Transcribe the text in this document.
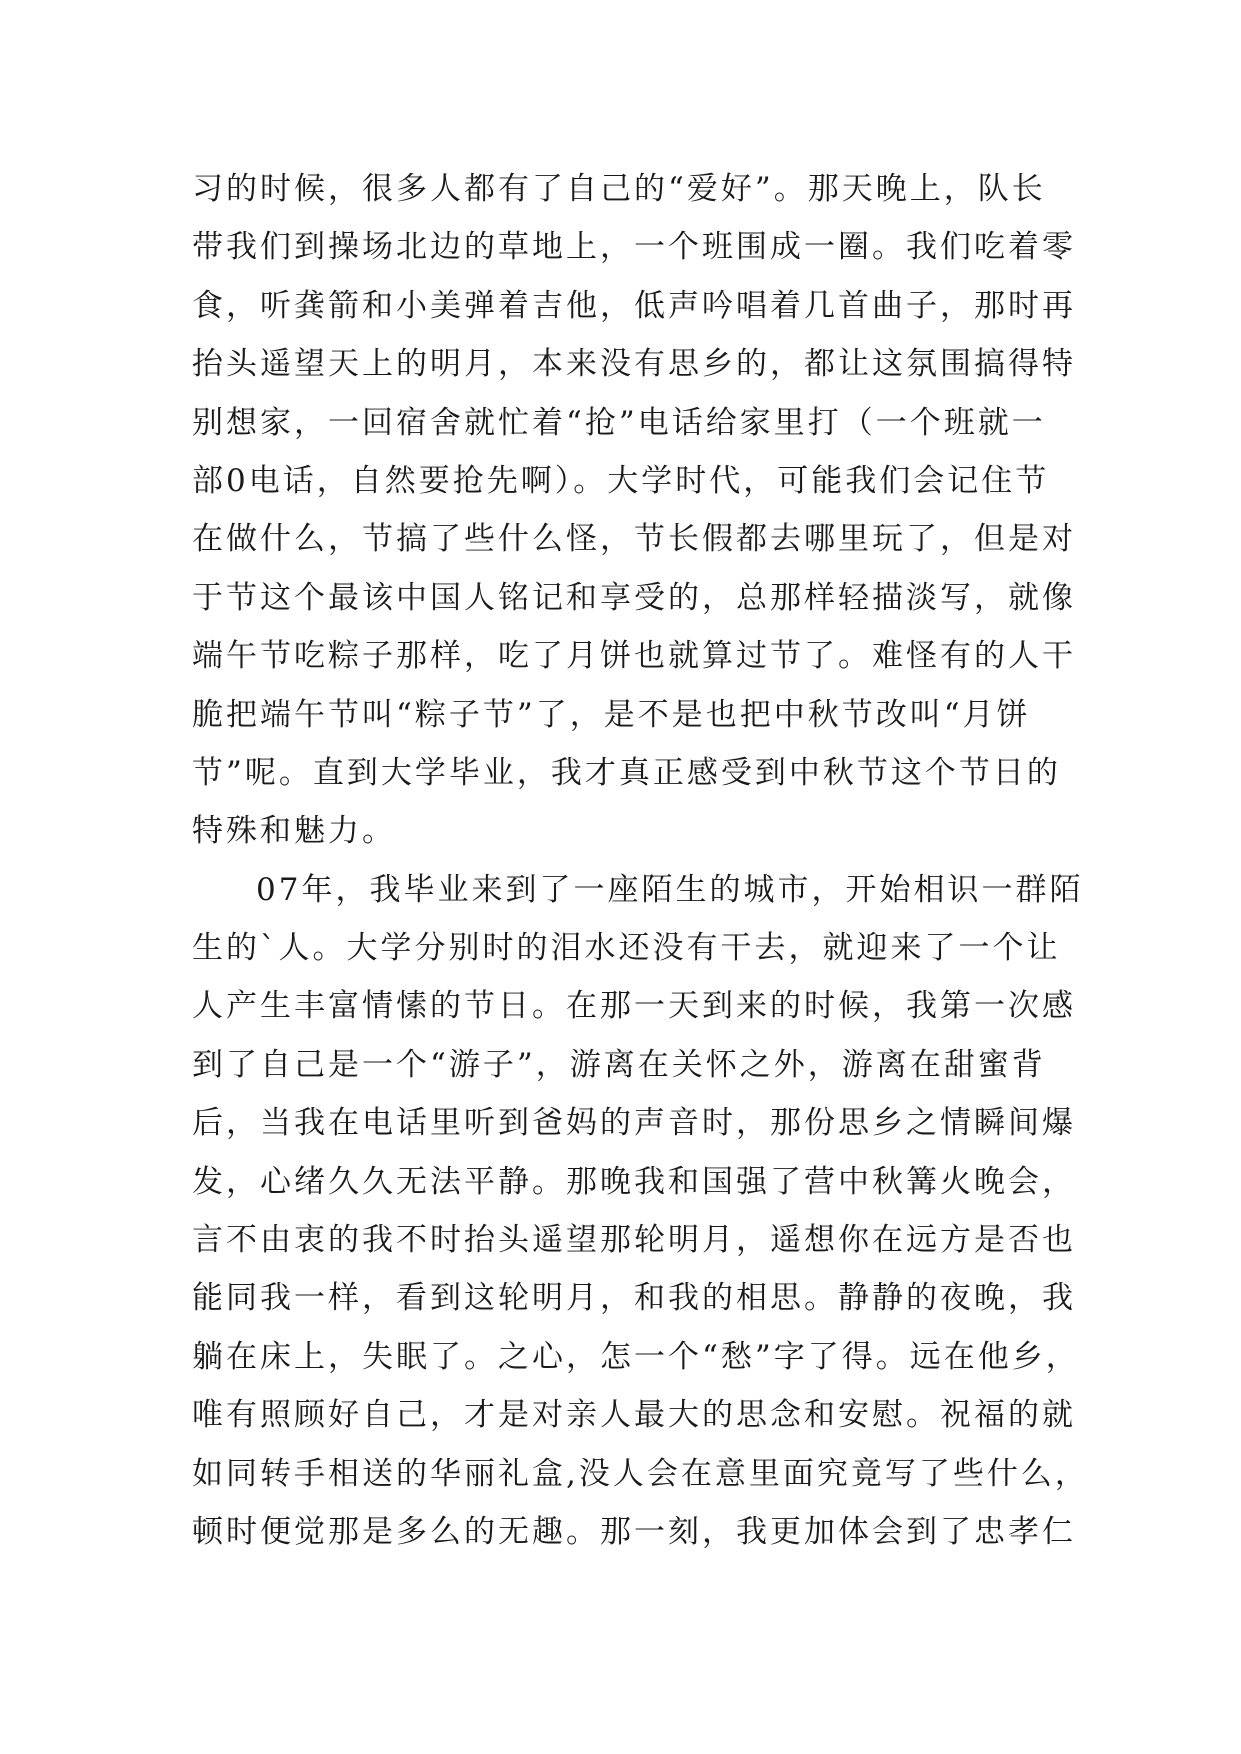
习的时候，很多人都有了自己的“爱好”。那天晚上，队长
带我们到操场北边的草地上，一个班围成一圈。我们吃着零
食，听龚箭和小美弹着吉他，低声吟唱着几首曲子，那时再
抬头遥望天上的明月，本来没有思乡的，都让这氛围搞得特
别想家，一回宿舍就忙着“抢”电话给家里打（一个班就一
部0电话，自然要抢先啊）。大学时代，可能我们会记住节
在做什么，节搞了些什么怪，节长假都去哪里玩了，但是对
于节这个最该中国人铭记和享受的，总那样轻描淡写，就像
端午节吃粽子那样，吃了月饼也就算过节了。难怪有的人干
脆把端午节叫“粽子节”了，是不是也把中秋节改叫“月饼
节”呢。直到大学毕业，我才真正感受到中秋节这个节日的
特殊和魅力。
07年，我毕业来到了一座陌生的城市，开始相识一群陌
生的`人。大学分别时的泪水还没有干去，就迎来了一个让
人产生丰富情愫的节日。在那一天到来的时候，我第一次感
到了自己是一个“游子”，游离在关怀之外，游离在甜蜜背
后，当我在电话里听到爸妈的声音时，那份思乡之情瞬间爆
发，心绪久久无法平静。那晚我和国强了营中秋篝火晚会，
言不由衷的我不时抬头遥望那轮明月，遥想你在远方是否也
能同我一样，看到这轮明月，和我的相思。静静的夜晚，我
躺在床上，失眠了。之心，怎一个“愁”字了得。远在他乡，
唯有照顾好自己，才是对亲人最大的思念和安慰。祝福的就
如同转手相送的华丽礼盒,没人会在意里面究竟写了些什么，
顿时便觉那是多么的无趣。那一刻，我更加体会到了忠孝仁
